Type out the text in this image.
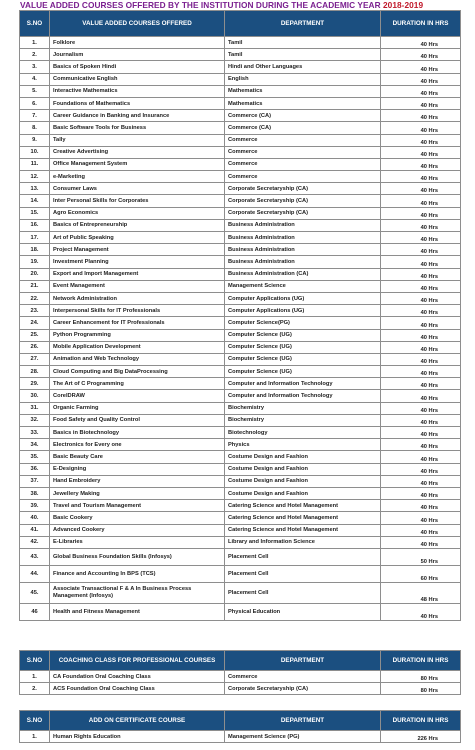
VALUE ADDED COURSES OFFERED BY THE INSTITUTION DURING THE ACADEMIC YEAR 2018-2019
S.NO	VALUE ADDED COURSES OFFERED	DEPARTMENT	DURATION IN HRS
1.	Folklore	Tamil	40 Hrs
2.	Journalism	Tamil	40 Hrs
3.	Basics of Spoken Hindi	Hindi and Other Languages	40 Hrs
4.	Communicative English	English	40 Hrs
5.	Interactive Mathematics	Mathematics	40 Hrs
6.	Foundations of Mathematics	Mathematics	40 Hrs
7.	Career Guidance in Banking and Insurance	Commerce (CA)	40 Hrs
8.	Basic Software Tools for Business	Commerce (CA)	40 Hrs
9.	Tally	Commerce	40 Hrs
10.	Creative Advertising	Commerce	40 Hrs
11.	Office Management System	Commerce	40 Hrs
12.	e-Marketing	Commerce	40 Hrs
13.	Consumer Laws	Corporate Secretaryship (CA)	40 Hrs
14.	Inter Personal Skills for Corporates	Corporate Secretaryship (CA)	40 Hrs
15.	Agro Economics	Corporate Secretaryship (CA)	40 Hrs
16.	Basics of Entrepreneurship	Business Administration	40 Hrs
17.	Art of Public Speaking	Business Administration	40 Hrs
18.	Project Management	Business Administration	40 Hrs
19.	Investment Planning	Business Administration	40 Hrs
20.	Export and Import Management	Business Administration (CA)	40 Hrs
21.	Event Management	Management Science	40 Hrs
22.	Network Administration	Computer Applications (UG)	40 Hrs
23.	Interpersonal Skills for IT Professionals	Computer Applications (UG)	40 Hrs
24.	Career Enhancement for IT Professionals	Computer Science(PG)	40 Hrs
25.	Python Programming	Computer Science (UG)	40 Hrs
26.	Mobile Application Development	Computer Science (UG)	40 Hrs
27.	Animation and Web Technology	Computer Science (UG)	40 Hrs
28.	Cloud Computing and Big DataProcessing	Computer Science (UG)	40 Hrs
29.	The Art of C Programming	Computer and Information Technology	40 Hrs
30.	CorelDRAW	Computer and Information Technology	40 Hrs
31.	Organic Farming	Biochemistry	40 Hrs
32.	Food Safety and Quality Control	Biochemistry	40 Hrs
33.	Basics in Biotechnology	Biotechnology	40 Hrs
34.	Electronics for Every one	Physics	40 Hrs
35.	Basic Beauty Care	Costume Design and Fashion	40 Hrs
36.	E-Designing	Costume Design and Fashion	40 Hrs
37.	Hand Embroidery	Costume Design and Fashion	40 Hrs
38.	Jewellery Making	Costume Design and Fashion	40 Hrs
39.	Travel and Tourism Management	Catering Science and Hotel Management	40 Hrs
40.	Basic Cookery	Catering Science and Hotel Management	40 Hrs
41.	Advanced Cookery	Catering Science and Hotel Management	40 Hrs
42.	E-Libraries	Library and Information Science	40 Hrs
43.	Global Business Foundation Skills (Infosys)	Placement Cell	50 Hrs
44.	Finance and Accounting In BPS (TCS)	Placement Cell	60 Hrs
45.	Associate Transactional F & A In Business Process Management (Infosys)	Placement Cell	48 Hrs
46	Health and Fitness Management	Physical Education	40 Hrs
S.NO	COACHING CLASS FOR PROFESSIONAL COURSES	DEPARTMENT	DURATION IN HRS
1.	CA Foundation Oral Coaching Class	Commerce	80 Hrs
2.	ACS Foundation Oral Coaching Class	Corporate Secretaryship (CA)	80 Hrs
S.NO	ADD ON CERTIFICATE COURSE	DEPARTMENT	DURATION IN HRS
1.	Human Rights Education	Management Science (PG)	226 Hrs
